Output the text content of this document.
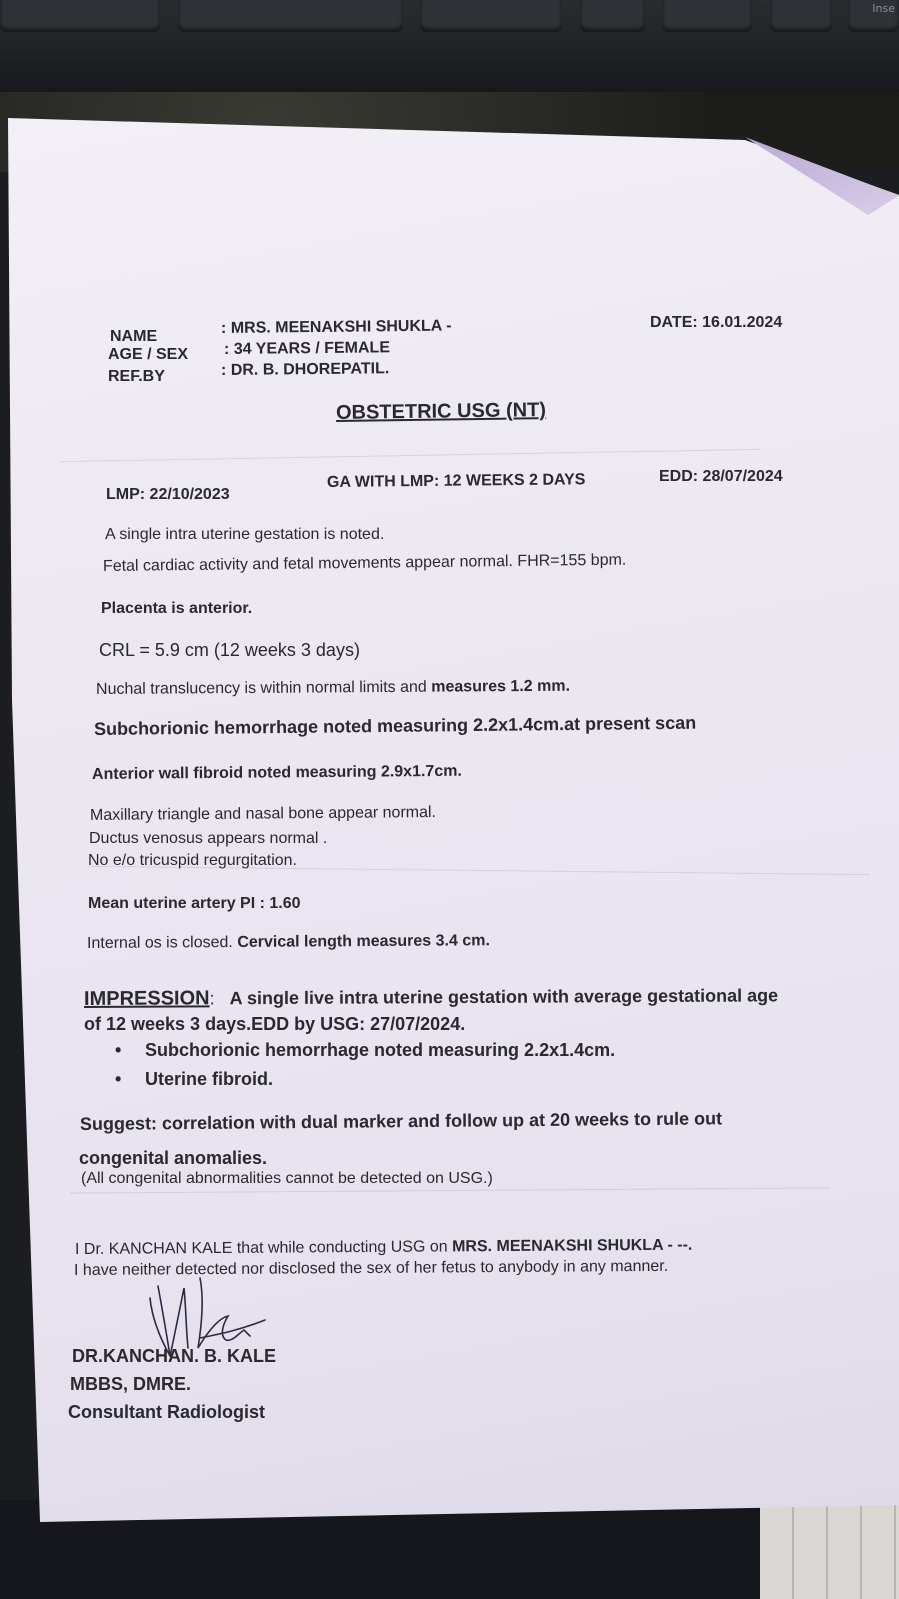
Inse
NAME	: MRS. MEENAKSHI SHUKLA -
AGE / SEX : 34 YEARS / FEMALE
REF.BY	: DR. B. DHOREPATIL.
DATE: 16.01.2024
OBSTETRIC USG (NT)
LMP: 22/10/2023
GA WITH LMP: 12 WEEKS 2 DAYS	EDD: 28/07/2024
A single intra uterine gestation is noted.
Fetal cardiac activity and fetal movements appear normal. FHR=155 bpm.
Placenta is anterior.
CRL = 5.9 cm (12 weeks 3 days)
Nuchal translucency is within normal limits and measures 1.2 mm.
Subchorionic hemorrhage noted measuring 2.2x1.4cm.at present scan
Anterior wall fibroid noted measuring 2.9x1.7cm.
Maxillary triangle and nasal bone appear normal.
Ductus venosus appears normal .
No e/o tricuspid regurgitation.
Mean uterine artery PI : 1.60
Internal os is closed. Cervical length measures 3.4 cm.
IMPRESSION: A single live intra uterine gestation with average gestational age
of 12 weeks 3 days.EDD by USG: 27/07/2024.
• Subchorionic hemorrhage noted measuring 2.2x1.4cm.
• Uterine fibroid.
Suggest: correlation with dual marker and follow up at 20 weeks to rule out
congenital anomalies.
(All congenital abnormalities cannot be detected on USG.)
I Dr. KANCHAN KALE that while conducting USG on MRS. MEENAKSHI SHUKLA - --.
I have neither detected nor disclosed the sex of her fetus to anybody in any manner.
DR.KANCHAN. B. KALE
MBBS, DMRE.
Consultant Radiologist
